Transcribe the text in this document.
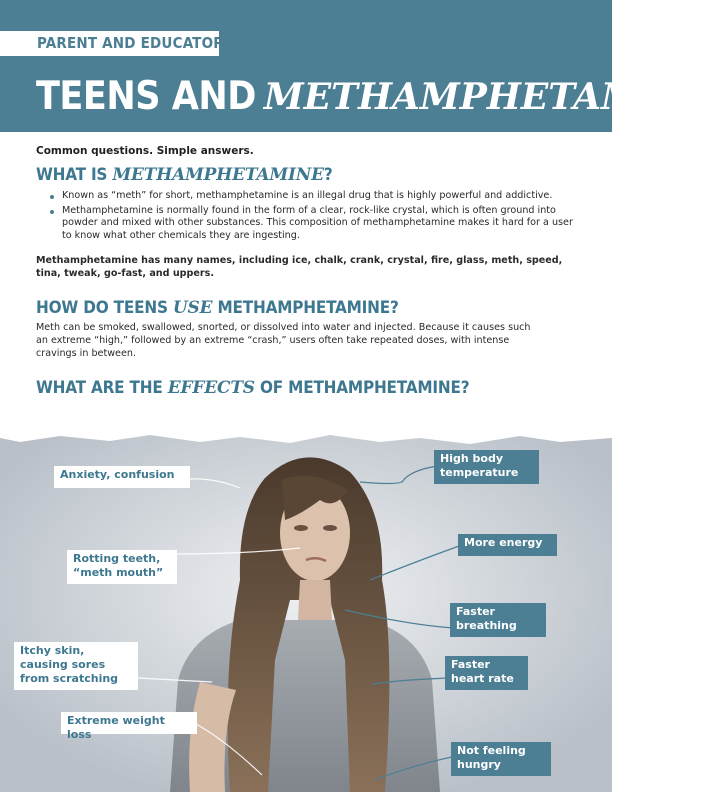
PARENT AND EDUCATOR GUIDE
TEENS AND METHAMPHETAMINE
Common questions. Simple answers.
WHAT IS METHAMPHETAMINE?
Known as “meth” for short, methamphetamine is an illegal drug that is highly powerful and addictive.
Methamphetamine is normally found in the form of a clear, rock-like crystal, which is often ground into powder and mixed with other substances. This composition of methamphetamine makes it hard for a user to know what other chemicals they are ingesting.
Methamphetamine has many names, including ice, chalk, crank, crystal, fire, glass, meth, speed, tina, tweak, go-fast, and uppers.
HOW DO TEENS USE METHAMPHETAMINE?
Meth can be smoked, swallowed, snorted, or dissolved into water and injected. Because it causes such an extreme “high,” followed by an extreme “crash,” users often take repeated doses, with intense cravings in between.
WHAT ARE THE EFFECTS OF METHAMPHETAMINE?
Anxiety, confusion
Rotting teeth,
“meth mouth”
Itchy skin,
causing sores
from scratching
Extreme weight loss
High body
temperature
More energy
Faster
breathing
Faster
heart rate
Not feeling
hungry
